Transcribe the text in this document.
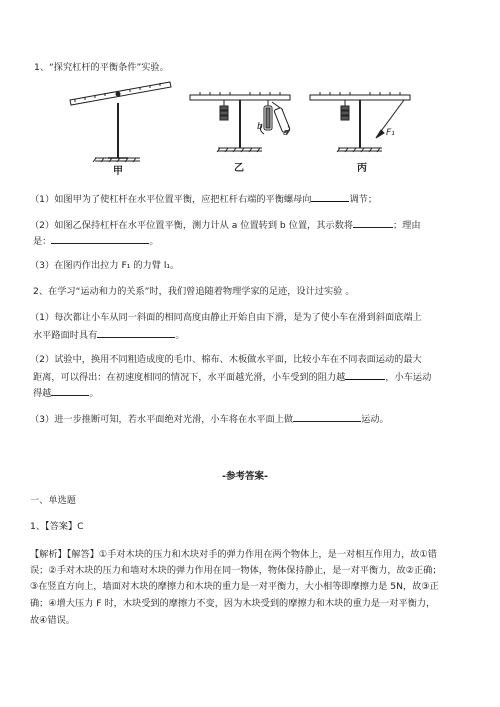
1、“探究杠杆的平衡条件”实验。
甲	乙	丙
b
a	F₁
（1）如图甲为了使杠杆在水平位置平衡，应把杠杆右端的平衡螺母向	调节；
（2）如图乙保持杠杆在水平位置平衡，测力计从 a 位置转到 b 位置，其示数将	；理由
是：	。
（3）在图丙作出拉力 F₁ 的力臂 l₁。
2、在学习“运动和力的关系”时，我们曾追随着物理学家的足迹，设计过实验 。
（1）每次都让小车从同一斜面的相同高度由静止开始自由下滑，是为了使小车在滑到斜面底端上
水平路面时具有	。
（2）试验中，换用不同粗造成度的毛巾、棉布、木板做水平面，比较小车在不同表面运动的最大
距离，可以得出：在初速度相同的情况下，水平面越光滑，小车受到的阻力越	，小车运动
得越	。
（3）进一步推断可知，若水平面绝对光滑，小车将在水平面上做	运动。
-参考答案-
一、单选题
1、【答案】C
【解析】【解答】①手对木块的压力和木块对手的弹力作用在两个物体上，是一对相互作用力，故①错
误；②手对木块的压力和墙对木块的弹力作用在同一物体，物体保持静止，是一对平衡力，故②正确；
③在竖直方向上，墙面对木块的摩擦力和木块的重力是一对平衡力，大小相等即摩擦力是 5N，故③正
确；④增大压力 F 时，木块受到的摩擦力不变，因为木块受到的摩擦力和木块的重力是一对平衡力，
故④错误。
